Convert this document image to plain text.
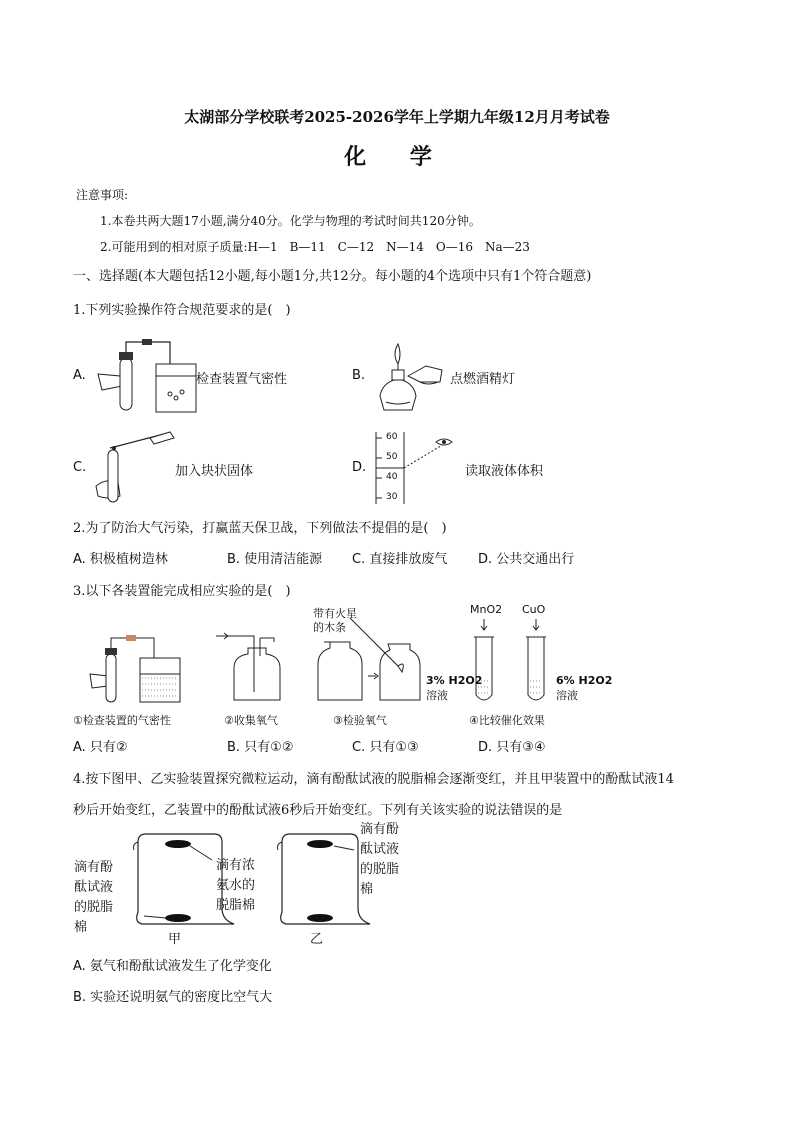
太湖部分学校联考2025-2026学年上学期九年级12月月考试卷
化 学
注意事项:
1.本卷共两大题17小题,满分40分。化学与物理的考试时间共120分钟。
2.可能用到的相对原子质量:H—1　B—11　C—12　N—14　O—16　Na—23
一、选择题(本大题包括12小题,每小题1分,共12分。每小题的4个选项中只有1个符合题意)
1.下列实验操作符合规范要求的是(　)
A.	检查装置气密性	B.	点燃酒精灯
C.	加入块状固体	D.
60
50
40
30
读取液体体积
2.为了防治大气污染，打赢蓝天保卫战，下列做法不提倡的是(　)
A. 积极植树造林	B. 使用清洁能源 C. 直接排放废气 D. 公共交通出行
3.以下各装置能完成相应实验的是(　)
①检查装置的气密性	②收集氧气
带有火星
的木条
③检验氧气
MnO2 CuO
3% H2O2
溶液
6% H2O2
溶液
④比较催化效果
A. 只有②	B. 只有①②	C. 只有①③	D. 只有③④
4.按下图甲、乙实验装置探究微粒运动，滴有酚酞试液的脱脂棉会逐渐变红，并且甲装置中的酚酞试液14
秒后开始变红，乙装置中的酚酞试液6秒后开始变红。下列有关该实验的说法错误的是
滴有酚
酞试液
的脱脂
棉
滴有浓
氨水的
脱脂棉
滴有酚
酞试液
的脱脂
棉
甲	乙
A. 氨气和酚酞试液发生了化学变化
B. 实验还说明氨气的密度比空气大
